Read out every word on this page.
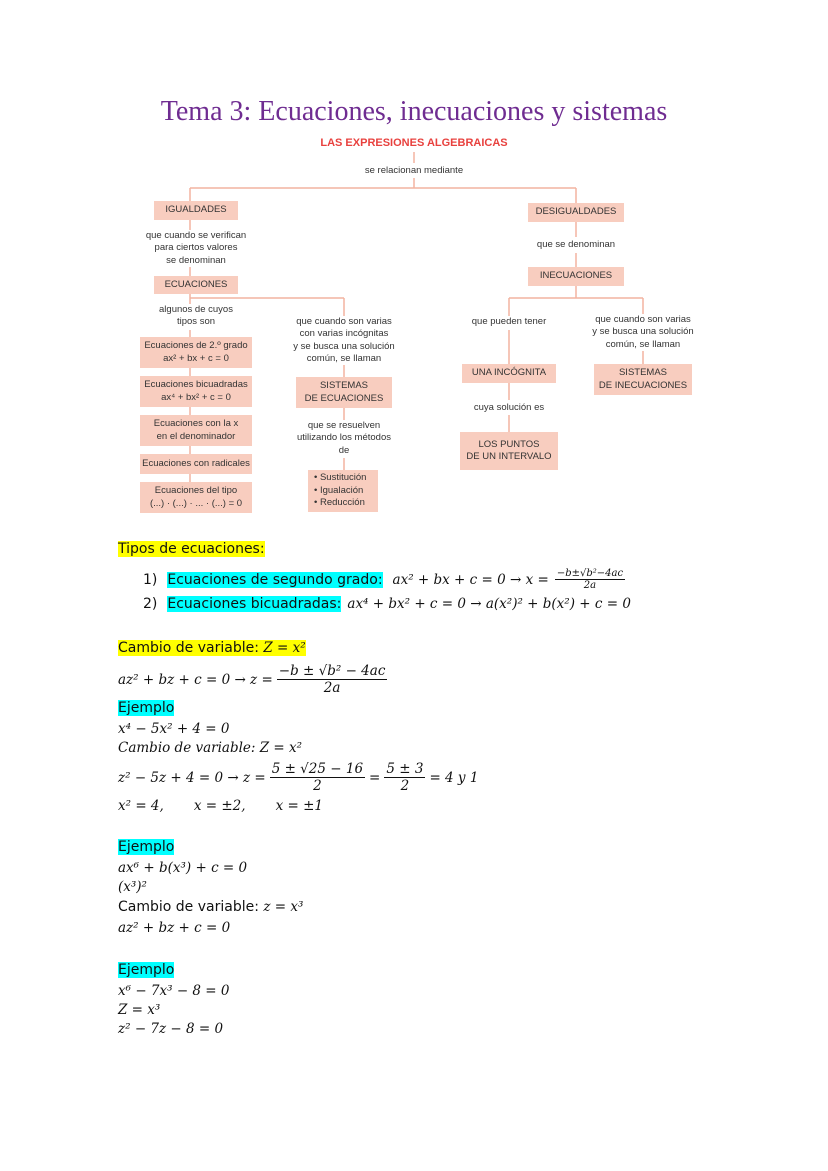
Tema 3: Ecuaciones, inecuaciones y sistemas
LAS EXPRESIONES ALGEBRAICAS
se relacionan mediante
IGUALDADES
que cuando se verifican
para ciertos valores
se denominan
ECUACIONES
algunos de cuyos
tipos son
Ecuaciones de 2.º grado
ax² + bx + c = 0
Ecuaciones bicuadradas
ax⁴ + bx² + c = 0
Ecuaciones con la x
en el denominador
Ecuaciones con radicales
Ecuaciones del tipo
(...) · (...) · ... · (...) = 0
que cuando son varias
con varias incógnitas
y se busca una solución
común, se llaman
SISTEMAS
DE ECUACIONES
que se resuelven
utilizando los métodos
de
• Sustitución
• Igualación
• Reducción
DESIGUALDADES
que se denominan
INECUACIONES
que pueden tener
UNA INCÓGNITA
cuya solución es
LOS PUNTOS
DE UN INTERVALO
que cuando son varias
y se busca una solución
común, se llaman
SISTEMAS
DE INECUACIONES
Tipos de ecuaciones:
1) Ecuaciones de segundo grado: ax² + bx + $c = 0 \to x = \frac{\text{−b±√b²−4ac}}{2a}$
2) Ecuaciones bicuadradas: ax⁴ + bx² + c = 0 → a(x²)² + b(x²) + c = 0
Cambio de variable: Z = x²
az² + bz + $c = 0 \to z = \frac{\text{−b ± √b² − 4ac}}{2a}$
Ejemplo
x⁴ − 5x² + 4 = 0
Cambio de variable: Z = x²
$z^2 - 5z + 4 = 0 \to z = \frac{5 \pm √25 - 16}{2} = \frac{5 \pm 3}{2} = 4$ y 1
x² = 4,       x = ±2,       x = ±1
Ejemplo
ax⁶ + b(x³) + c = 0
(x³)²
Cambio de variable: z = x³
az² + bz + c = 0
Ejemplo
x⁶ − 7x³ − 8 = 0
Z = x³
z² − 7z − 8 = 0
